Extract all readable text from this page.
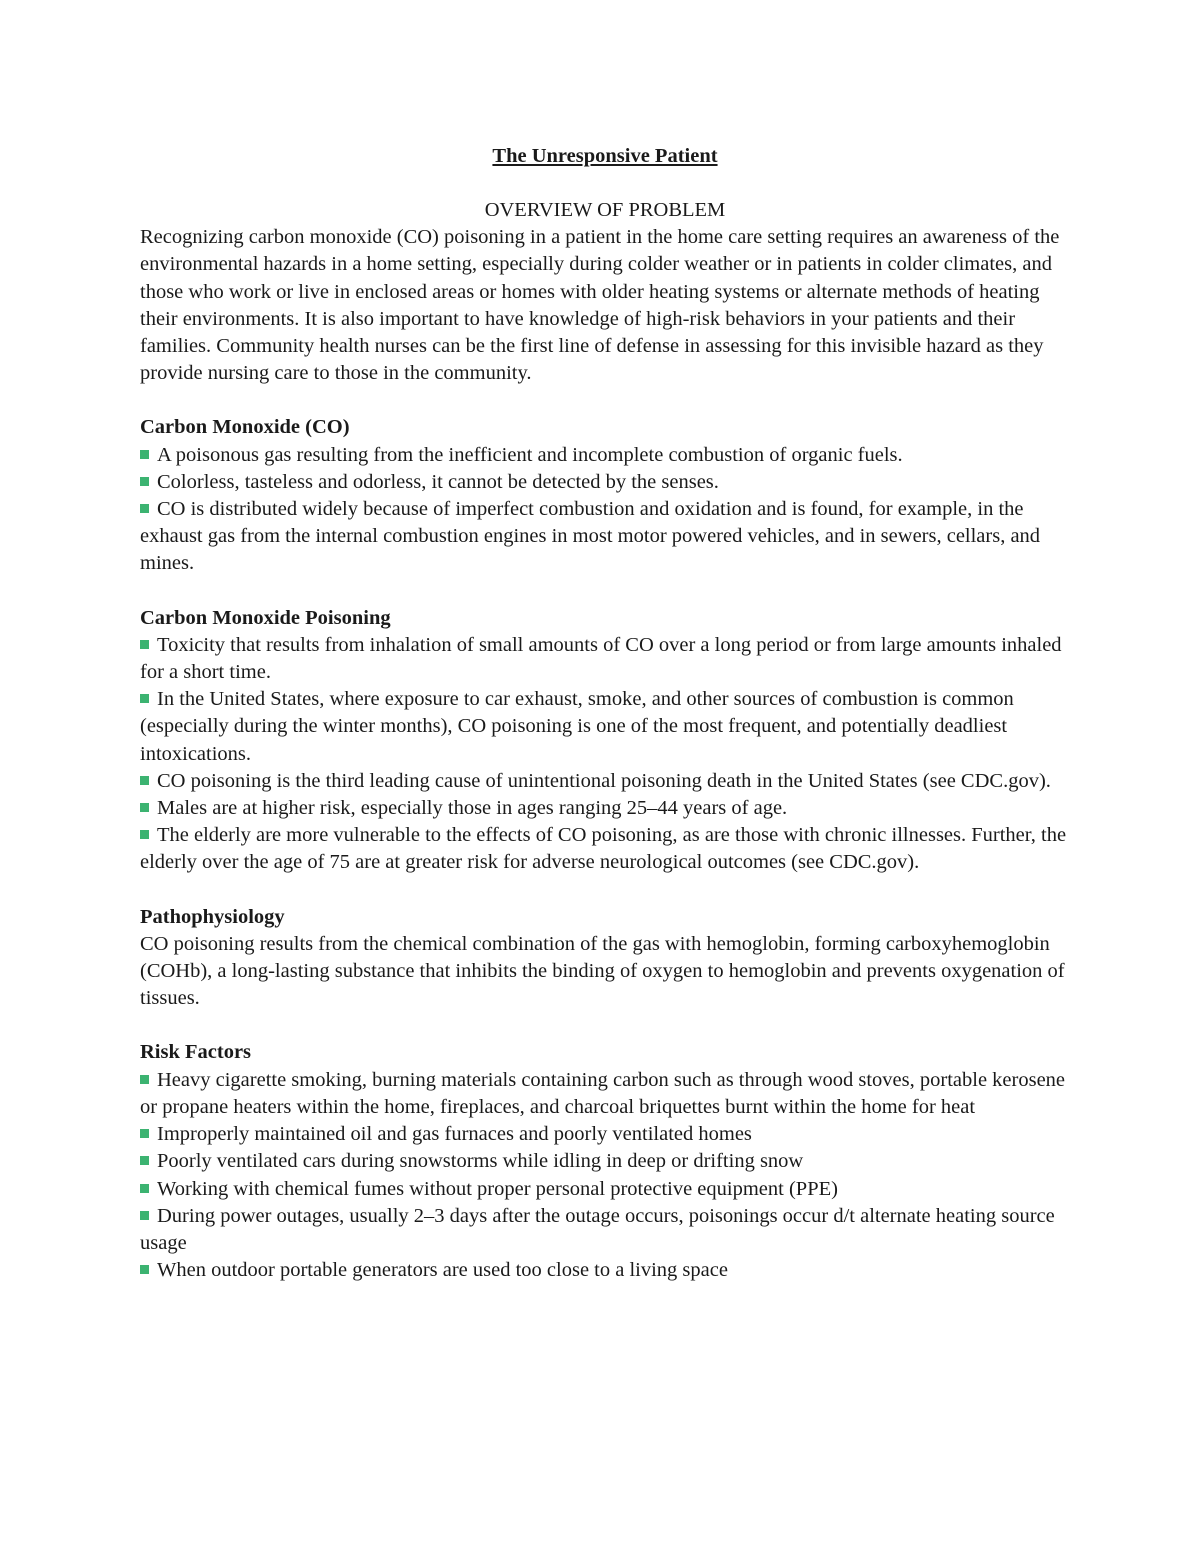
The Unresponsive Patient

OVERVIEW OF PROBLEM

Recognizing carbon monoxide (CO) poisoning in a patient in the home care setting requires an awareness of the environmental hazards in a home setting, especially during colder weather or in patients in colder climates, and those who work or live in enclosed areas or homes with older heating systems or alternate methods of heating their environments. It is also important to have knowledge of high-risk behaviors in your patients and their families. Community health nurses can be the first line of defense in assessing for this invisible hazard as they provide nursing care to those in the community.

Carbon Monoxide (CO)

A poisonous gas resulting from the inefficient and incomplete combustion of organic fuels.
Colorless, tasteless and odorless, it cannot be detected by the senses.
CO is distributed widely because of imperfect combustion and oxidation and is found, for example, in the exhaust gas from the internal combustion engines in most motor powered vehicles, and in sewers, cellars, and mines.

Carbon Monoxide Poisoning

Toxicity that results from inhalation of small amounts of CO over a long period or from large amounts inhaled for a short time.
In the United States, where exposure to car exhaust, smoke, and other sources of combustion is common (especially during the winter months), CO poisoning is one of the most frequent, and potentially deadliest intoxications.
CO poisoning is the third leading cause of unintentional poisoning death in the United States (see CDC.gov).
Males are at higher risk, especially those in ages ranging 25–44 years of age.
The elderly are more vulnerable to the effects of CO poisoning, as are those with chronic illnesses. Further, the elderly over the age of 75 are at greater risk for adverse neurological outcomes (see CDC.gov).

Pathophysiology

CO poisoning results from the chemical combination of the gas with hemoglobin, forming carboxyhemoglobin (COHb), a long-lasting substance that inhibits the binding of oxygen to hemoglobin and prevents oxygenation of tissues.

Risk Factors

Heavy cigarette smoking, burning materials containing carbon such as through wood stoves, portable kerosene or propane heaters within the home, fireplaces, and charcoal briquettes burnt within the home for heat
Improperly maintained oil and gas furnaces and poorly ventilated homes
Poorly ventilated cars during snowstorms while idling in deep or drifting snow
Working with chemical fumes without proper personal protective equipment (PPE)
During power outages, usually 2–3 days after the outage occurs, poisonings occur d/t alternate heating source usage
When outdoor portable generators are used too close to a living space
